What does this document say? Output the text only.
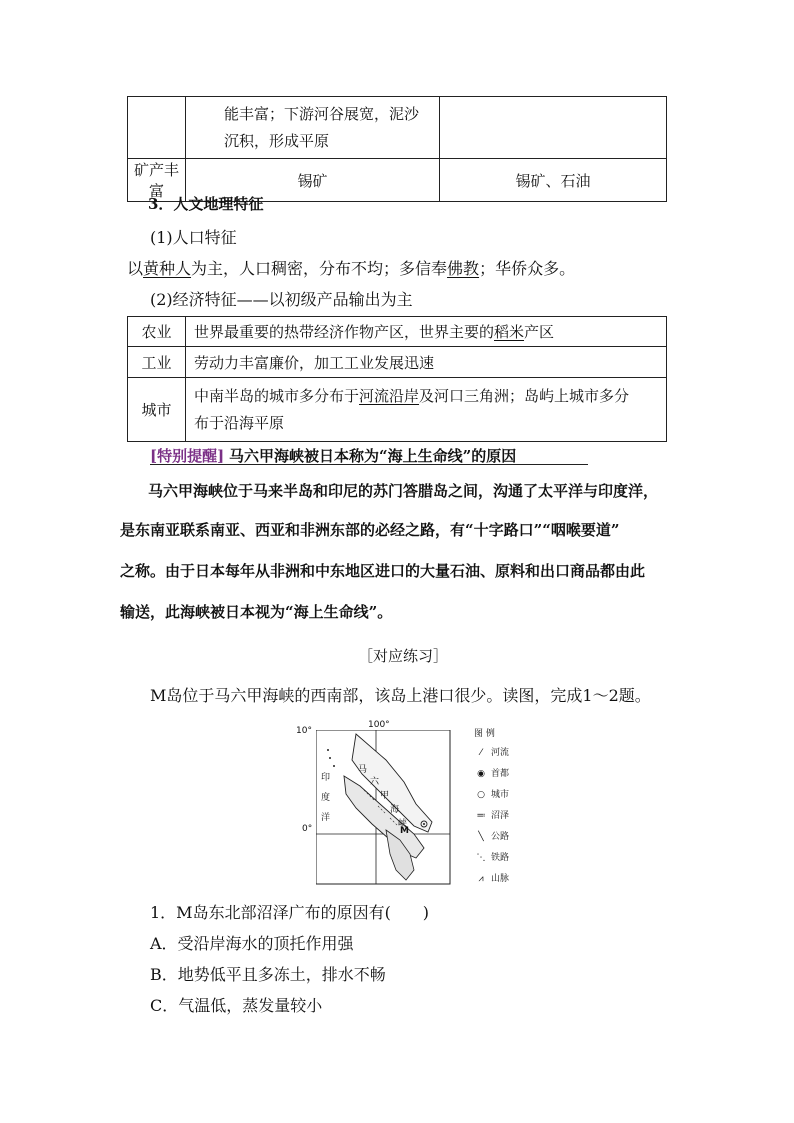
	能丰富；下游河谷展宽，泥沙
沉积，形成平原	

矿产丰富	锡矿	锡矿、石油
3．人文地理特征
(1)人口特征
以黄种人为主，人口稠密，分布不均；多信奉佛教；华侨众多。
(2)经济特征——以初级产品输出为主
农业	世界最重要的热带经济作物产区，世界主要的稻米产区
工业	劳动力丰富廉价，加工工业发展迅速
城市	中南半岛的城市多分布于河流沿岸及河口三角洲；岛屿上城市多分
布于沿海平原
[特别提醒] 马六甲海峡被日本称为“海上生命线”的原因
马六甲海峡位于马来半岛和印尼的苏门答腊岛之间，沟通了太平洋与印度洋，
是东南亚联系南亚、西亚和非洲东部的必经之路，有“十字路口”“咽喉要道”
之称。由于日本每年从非洲和中东地区进口的大量石油、原料和出口商品都由此
输送，此海峡被日本视为“海上生命线”。
［对应练习］
M岛位于马六甲海峡的西南部，该岛上港口很少。读图，完成1～2题。
10°
0°
100°
印
度
洋
马
六
甲
海
峡
M
图 例
⁄ 河流
◉ 首都
○ 城市
≕ 沼泽
╲ 公路
⋱ 铁路
⩘ 山脉
1．M岛东北部沼泽广布的原因有(　　)
A．受沿岸海水的顶托作用强
B．地势低平且多冻土，排水不畅
C．气温低，蒸发量较小
